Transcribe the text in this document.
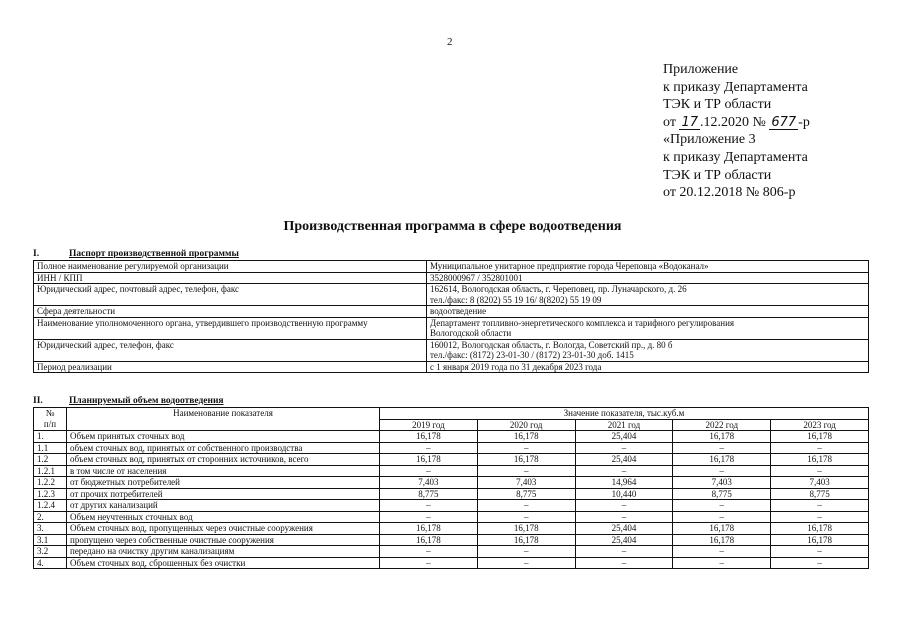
2
Приложение
к приказу Департамента
ТЭК и ТР области
от 17 .12.2020 № 677 -р
«Приложение 3
к приказу Департамента
ТЭК и ТР области
от 20.12.2018 № 806-р
Производственная программа в сфере водоотведения
I.	Паспорт производственной программы
Полное наименование регулируемой организации	Муниципальное унитарное предприятие города Череповца «Водоканал»

ИНН / КПП	3528000967 / 352801001

Юридический адрес, почтовый адрес, телефон, факс	162614, Вологодская область, г. Череповец, пр. Луначарского, д. 26
тел./факс: 8 (8202) 55 19 16/ 8(8202) 55 19 09

Сфера деятельности	водоотведение

Наименование уполномоченного органа, утвердившего производственную программу	Департамент топливно-энергетического комплекса и тарифного регулирования
Вологодской области

Юридический адрес, телефон, факс	160012, Вологодская область, г. Вологда, Советский пр., д. 80 б
тел./факс: (8172) 23-01-30 / (8172) 23-01-30 доб. 1415

Период реализации	с 1 января 2019 года по 31 декабря 2023 года
II.	Планируемый объем водоотведения
№
п/п	Наименование показателя	Значение показателя, тыс.куб.м				
		2019 год	2020 год	2021 год	2022 год	2023 год
1.	Объем принятых сточных вод	16,178	16,178	25,404	16,178	16,178
1.1	объем сточных вод, принятых от собственного производства	–	–	–	–	–
1.2	объем сточных вод, принятых от сторонних источников, всего	16,178	16,178	25,404	16,178	16,178
1.2.1	в том числе от населения	–	–	–	–	–
1.2.2	от бюджетных потребителей	7,403	7,403	14,964	7,403	7,403
1.2.3	от прочих потребителей	8,775	8,775	10,440	8,775	8,775
1.2.4	от других канализаций	–	–	–	–	–
2.	Объем неучтенных сточных вод	–	–	–	–	–
3.	Объем сточных вод, пропущенных через очистные сооружения	16,178	16,178	25,404	16,178	16,178
3.1	пропущено через собственные очистные сооружения	16,178	16,178	25,404	16,178	16,178
3.2	передано на очистку другим канализациям	–	–	–	–	–
4.	Объем сточных вод, сброшенных без очистки	–	–	–	–	–
